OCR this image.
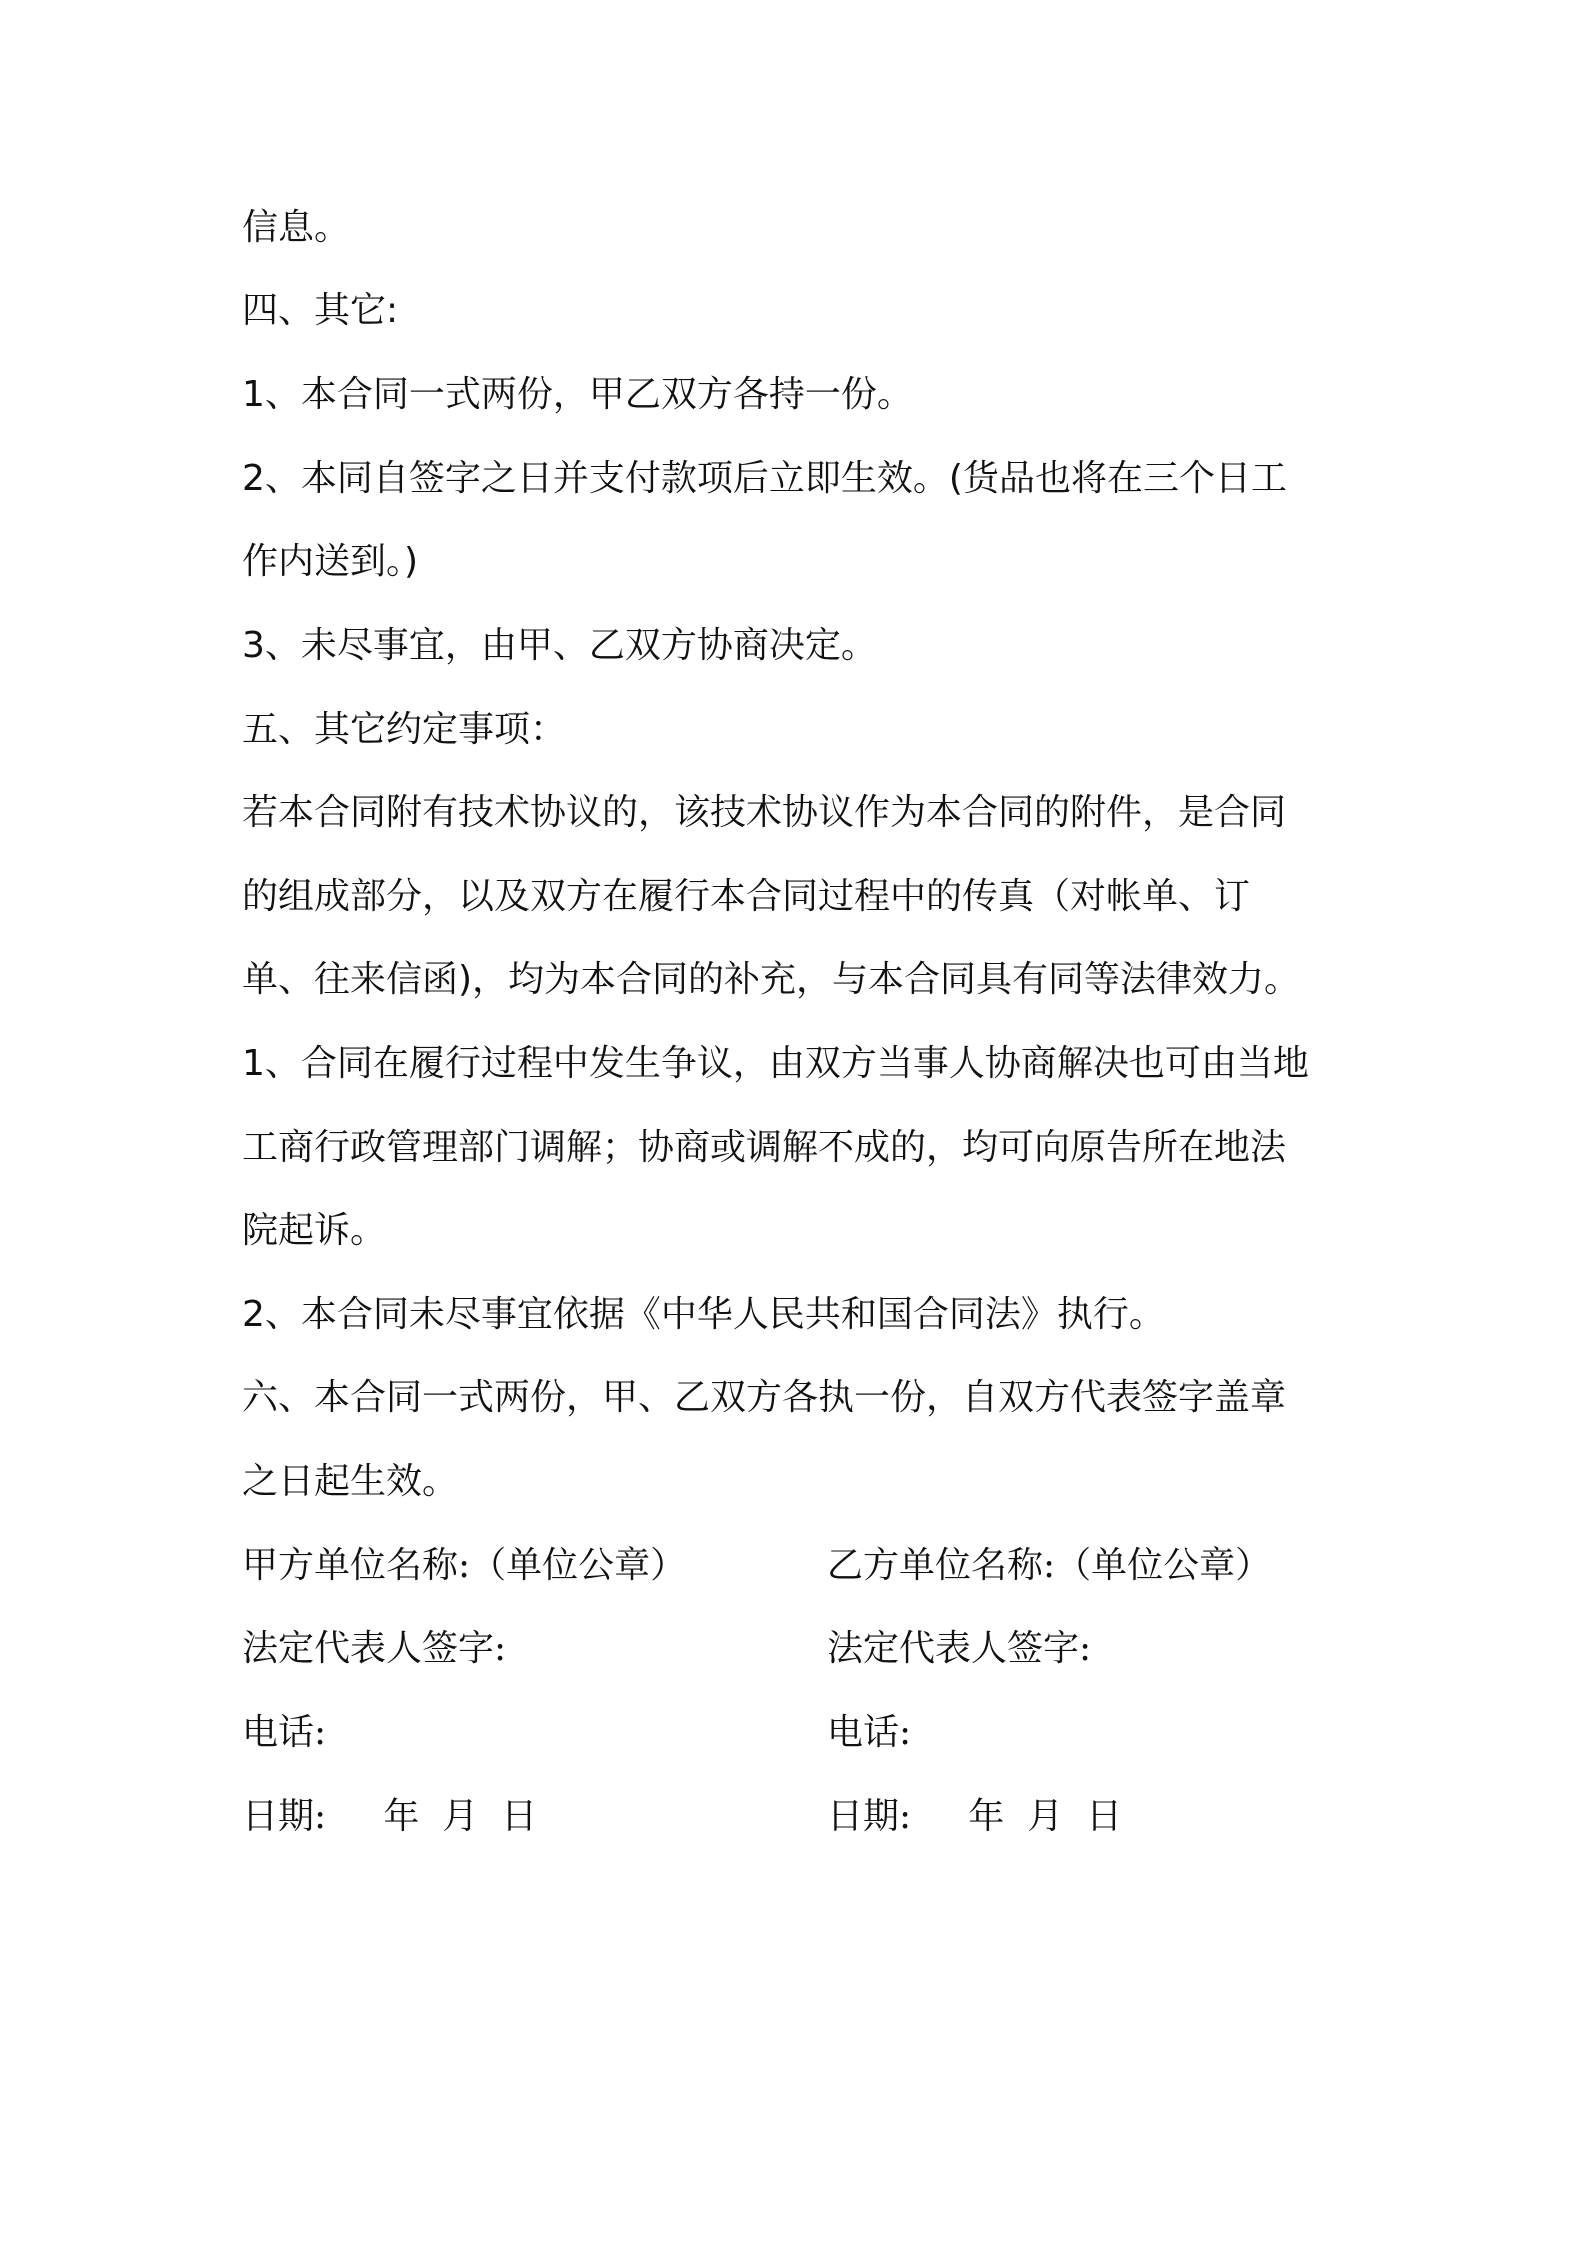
信息。
四、其它:
1、本合同一式两份，甲乙双方各持一份。
2、本同自签字之日并支付款项后立即生效。(货品也将在三个日工
作内送到。)
3、未尽事宜，由甲、乙双方协商决定。
五、其它约定事项：
若本合同附有技术协议的，该技术协议作为本合同的附件，是合同
的组成部分，以及双方在履行本合同过程中的传真（对帐单、订
单、往来信函)，均为本合同的补充，与本合同具有同等法律效力。
1、合同在履行过程中发生争议，由双方当事人协商解决也可由当地
工商行政管理部门调解；协商或调解不成的，均可向原告所在地法
院起诉。
2、本合同未尽事宜依据《中华人民共和国合同法》执行。
六、本合同一式两份，甲、乙双方各执一份，自双方代表签字盖章
之日起生效。
甲方单位名称:（单位公章）	乙方单位名称:（单位公章）
法定代表人签字:	法定代表人签字:
电话:	电话:
日期:     年  月  日	日期:     年  月  日
